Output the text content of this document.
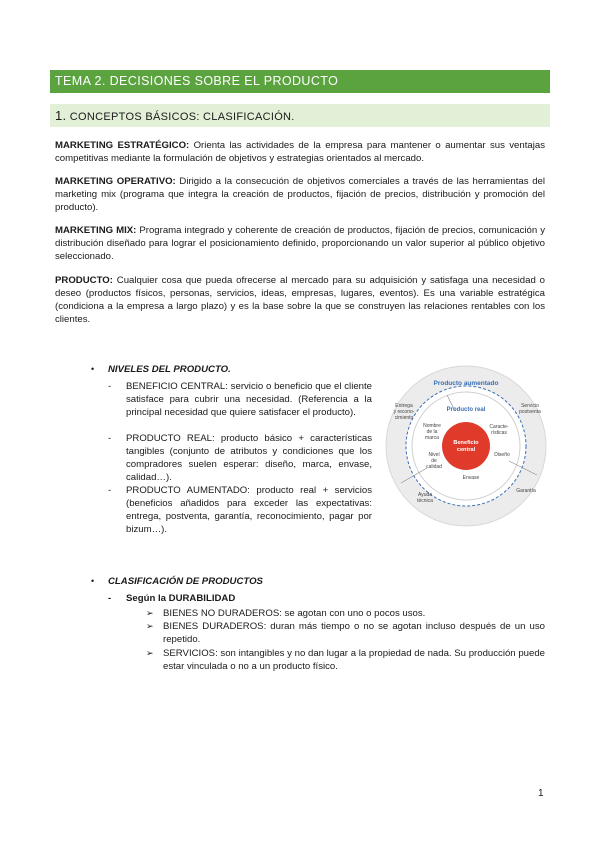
TEMA 2. DECISIONES SOBRE EL PRODUCTO
1. CONCEPTOS BÁSICOS: CLASIFICACIÓN.

MARKETING ESTRATÉGICO: Orienta las actividades de la empresa para mantener o aumentar sus ventajas competitivas mediante la formulación de objetivos y estrategias orientados al mercado.

MARKETING OPERATIVO: Dirigido a la consecución de objetivos comerciales a través de las herramientas del marketing mix (programa que integra la creación de productos, fijación de precios, distribución y promoción del producto).

MARKETING MIX: Programa integrado y coherente de creación de productos, fijación de precios, comunicación y distribución diseñado para lograr el posicionamiento definido, proporcionando un valor superior al público objetivo seleccionado.

PRODUCTO: Cualquier cosa que pueda ofrecerse al mercado para su adquisición y satisfaga una necesidad o deseo (productos físicos, personas, servicios, ideas, empresas, lugares, eventos). Es una variable estratégica (condiciona a la empresa a largo plazo) y es la base sobre la que se construyen las relaciones rentables con los clientes.

• NIVELES DEL PRODUCTO.
- BENEFICIO CENTRAL: servicio o beneficio que el cliente satisface para cubrir una necesidad. (Referencia a la principal necesidad que quiere satisfacer el producto).

- PRODUCTO REAL: producto básico + características tangibles (conjunto de atributos y condiciones que los compradores suelen esperar: diseño, marca, envase, calidad…).

- PRODUCTO AUMENTADO: producto real + servicios (beneficios añadidos para exceder las expectativas: entrega, postventa, garantía, reconocimiento, pagar por bizum…).

Producto aumentado
Producto real
Beneficio
central
Entrega
y recono-
cimiento
Servicio
postventa
Garantía
Ayuda
técnica
Nombre
de la
marca
Caracte-
rísticas
Diseño
Envase
Nivel
de
calidad
• CLASIFICACIÓN DE PRODUCTOS
- Según la DURABILIDAD
➢ BIENES NO DURADEROS: se agotan con uno o pocos usos.

➢ BIENES DURADEROS: duran más tiempo o no se agotan incluso después de un uso repetido.

➢ SERVICIOS: son intangibles y no dan lugar a la propiedad de nada. Su producción puede estar vinculada o no a un producto físico.

1
